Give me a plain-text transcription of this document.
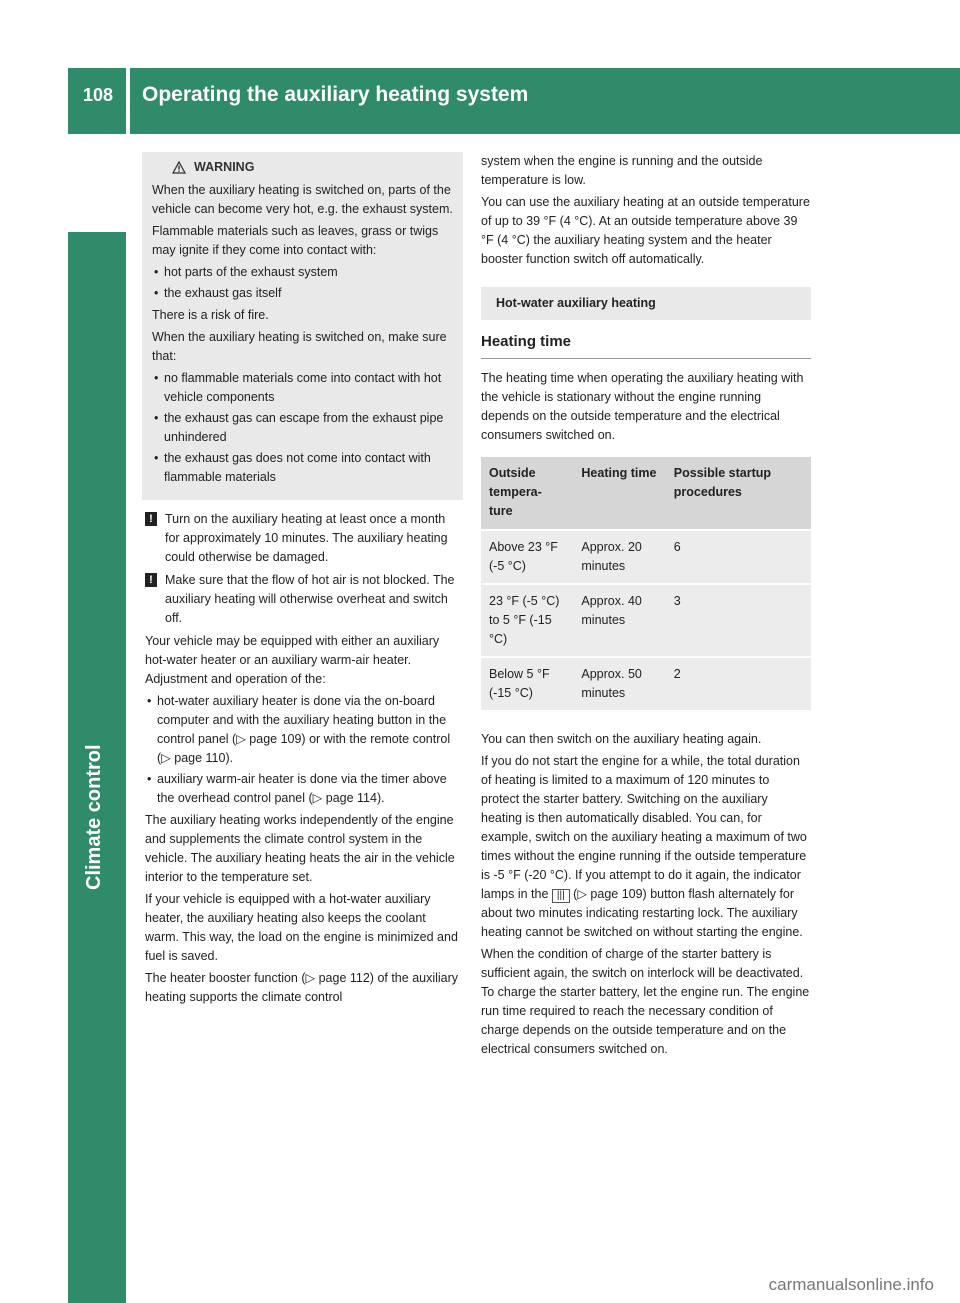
108	Operating the auxiliary heating system
Climate control
WARNING

When the auxiliary heating is switched on, parts of the vehicle can become very hot, e.g. the exhaust system.

Flammable materials such as leaves, grass or twigs may ignite if they come into contact with:

• hot parts of the exhaust system
• the exhaust gas itself

There is a risk of fire.

When the auxiliary heating is switched on, make sure that:

• no flammable materials come into contact with hot vehicle components
• the exhaust gas can escape from the exhaust pipe unhindered
• the exhaust gas does not come into contact with flammable materials
! Turn on the auxiliary heating at least once a month for approximately 10 minutes. The auxiliary heating could otherwise be damaged.
! Make sure that the flow of hot air is not blocked. The auxiliary heating will otherwise overheat and switch off.

Your vehicle may be equipped with either an auxiliary hot-water heater or an auxiliary warm-air heater. Adjustment and operation of the:

• hot-water auxiliary heater is done via the on-board computer and with the auxiliary heating button in the control panel (▷ page 109) or with the remote control (▷ page 110).
• auxiliary warm-air heater is done via the timer above the overhead control panel (▷ page 114).

The auxiliary heating works independently of the engine and supplements the climate control system in the vehicle. The auxiliary heating heats the air in the vehicle interior to the temperature set.

If your vehicle is equipped with a hot-water auxiliary heater, the auxiliary heating also keeps the coolant warm. This way, the load on the engine is minimized and fuel is saved.

The heater booster function (▷ page 112) of the auxiliary heating supports the climate control

system when the engine is running and the outside temperature is low.

You can use the auxiliary heating at an outside temperature of up to 39 °F (4 °C). At an outside temperature above 39 °F (4 °C) the auxiliary heating system and the heater booster function switch off automatically.

Hot-water auxiliary heating
Heating time

The heating time when operating the auxiliary heating with the vehicle is stationary without the engine running depends on the outside temperature and the electrical consumers switched on.

Outside tempera-ture	Heating time	Possible startup procedures
Above 23 °F (-5 °C)	Approx. 20 minutes	6
23 °F (-5 °C) to 5 °F (-15 °C)	Approx. 40 minutes	3
Below 5 °F (-15 °C)	Approx. 50 minutes	2

You can then switch on the auxiliary heating again.

If you do not start the engine for a while, the total duration of heating is limited to a maximum of 120 minutes to protect the starter battery. Switching on the auxiliary heating is then automatically disabled. You can, for example, switch on the auxiliary heating a maximum of two times without the engine running if the outside temperature is -5 °F (-20 °C). If you attempt to do it again, the indicator lamps in the ||| (▷ page 109) button flash alternately for about two minutes indicating restarting lock. The auxiliary heating cannot be switched on without starting the engine.

When the condition of charge of the starter battery is sufficient again, the switch on interlock will be deactivated. To charge the starter battery, let the engine run. The engine run time required to reach the necessary condition of charge depends on the outside temperature and on the electrical consumers switched on.

carmanualsonline.info
